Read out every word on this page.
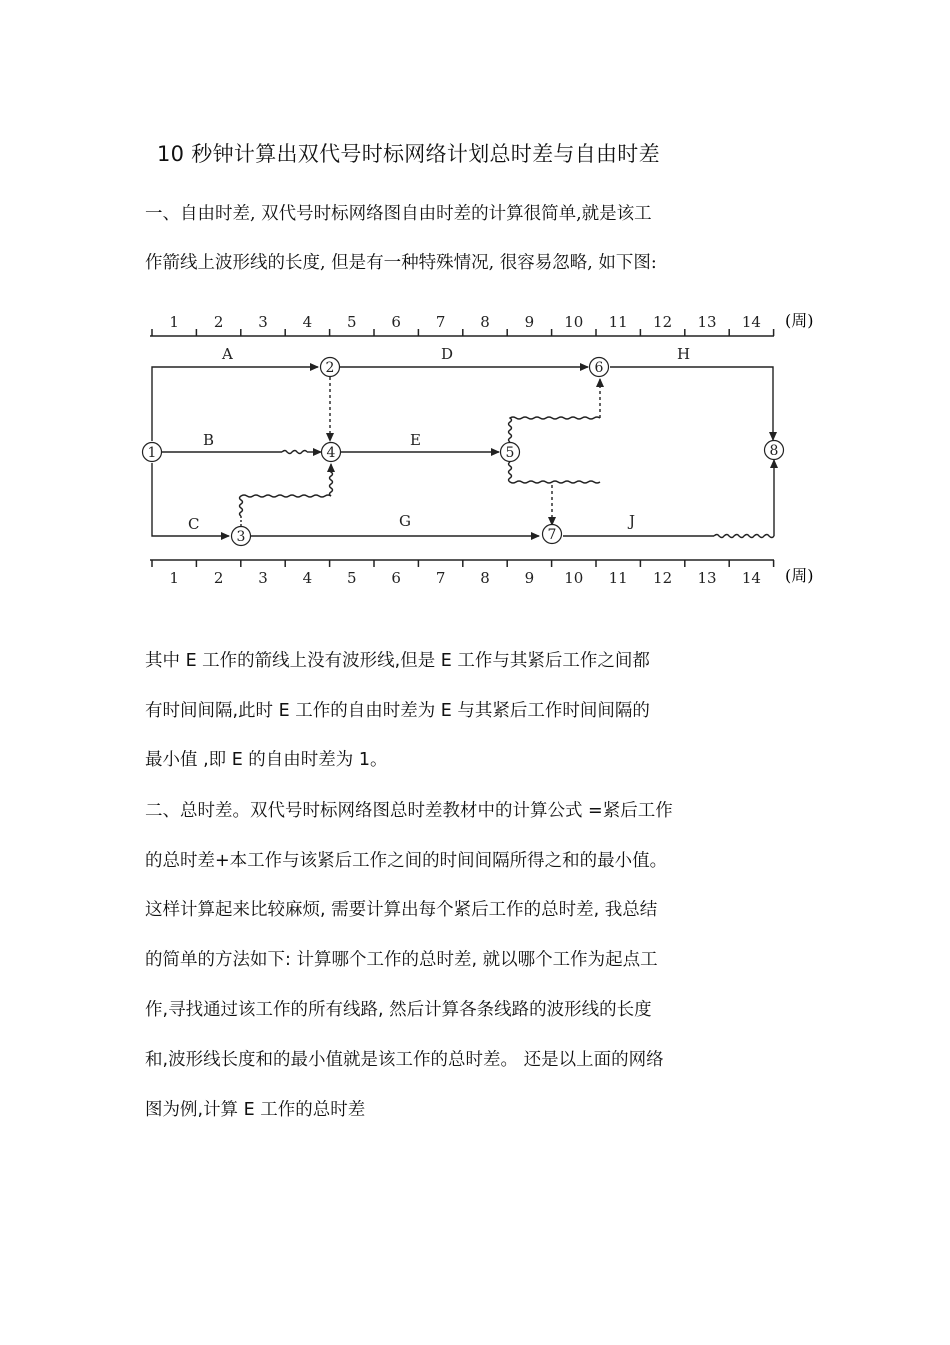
10 秒钟计算出双代号时标网络计划总时差与自由时差
一、自由时差, 双代号时标网络图自由时差的计算很简单,就是该工
作箭线上波形线的长度, 但是有一种特殊情况, 很容易忽略, 如下图:
1 2 3 4 5 6 7 8 9 10 11 12 13 14 (周)
1 2 3 4 5 6 7 8 9 10 11 12 13 14 (周)
A
B
C
D
E
G
H
J
1
2
3
4	5
6
7
8
其中 E 工作的箭线上没有波形线,但是 E 工作与其紧后工作之间都
有时间间隔,此时 E 工作的自由时差为 E 与其紧后工作时间间隔的
最小值 ,即 E 的自由时差为 1。
二、总时差。双代号时标网络图总时差教材中的计算公式 =紧后工作
的总时差+本工作与该紧后工作之间的时间间隔所得之和的最小值。
这样计算起来比较麻烦, 需要计算出每个紧后工作的总时差, 我总结
的简单的方法如下: 计算哪个工作的总时差, 就以哪个工作为起点工
作,寻找通过该工作的所有线路, 然后计算各条线路的波形线的长度
和,波形线长度和的最小值就是该工作的总时差。 还是以上面的网络
图为例,计算 E 工作的总时差
